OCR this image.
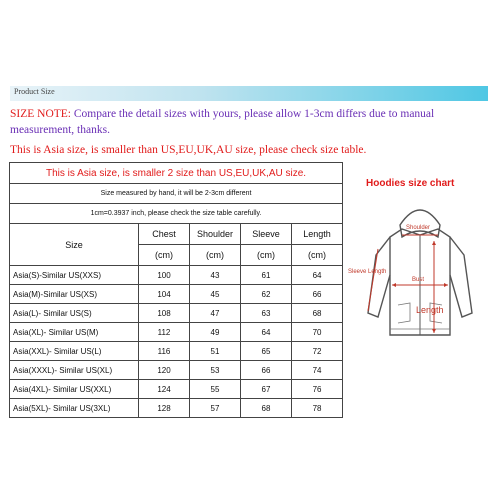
Product Size
SIZE NOTE: Compare the detail sizes with yours, please allow 1-3cm differs due to manual measurement, thanks.
This is Asia size, is smaller than US,EU,UK,AU size, please check size table.
This is Asia size, is smaller 2 size than US,EU,UK,AU size.				
Size measured by hand, it will be 2-3cm different				
1cm=0.3937 inch, please check the size table carefully.				
Size	Chest	Shoulder	Sleeve	Length
	(cm)	(cm)	(cm)	(cm)
Asia(S)-Similar US(XXS)	100	43	61	64
Asia(M)-Similar US(XS)	104	45	62	66
Asia(L)- Similar US(S)	108	47	63	68
Asia(XL)- Similar US(M)	112	49	64	70
Asia(XXL)- Similar US(L)	116	51	65	72
Asia(XXXL)- Similar US(XL)	120	53	66	74
Asia(4XL)- Similar US(XXL)	124	55	67	76
Asia(5XL)- Similar US(3XL)	128	57	68	78
Hoodies size chart
Shoulder
Sleeve Length
Bust
Length
